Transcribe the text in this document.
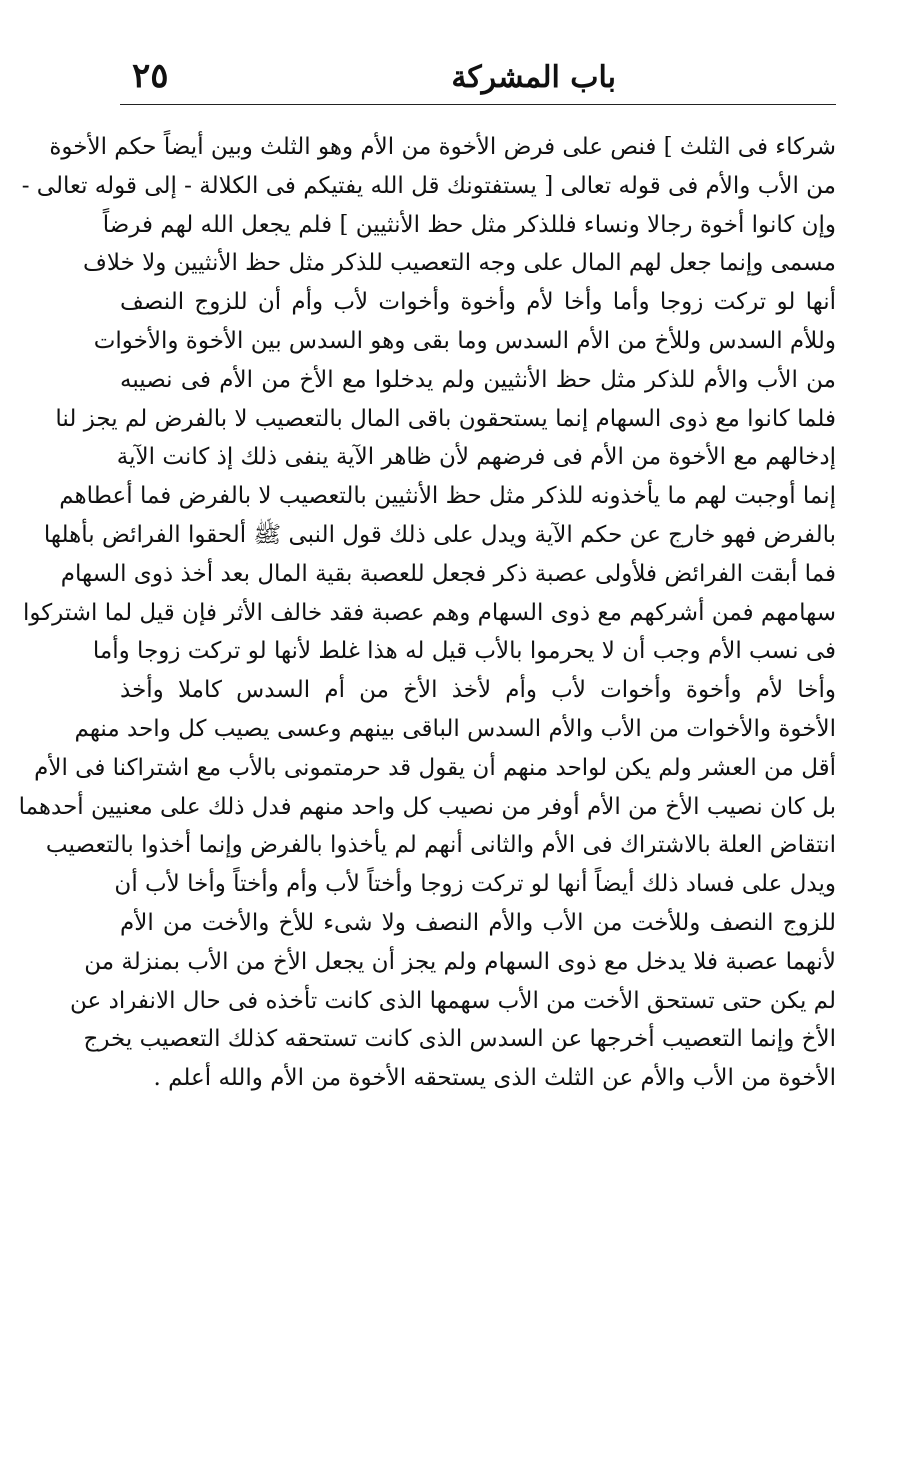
باب المشركة
٢٥
شركاء فى الثلث ] فنص على فرض الأخوة من الأم وهو الثلث وبين أيضاً حكم الأخوة
من الأب والأم فى قوله تعالى [ يستفتونك قل الله يفتيكم فى الكلالة - إلى قوله تعالى -
وإن كانوا أخوة رجالا ونساء فللذكر مثل حظ الأنثيين ] فلم يجعل الله لهم فرضاً
مسمى وإنما جعل لهم المال على وجه التعصيب للذكر مثل حظ الأنثيين ولا خلاف
أنها لو تركت زوجا وأما وأخا لأم وأخوة وأخوات لأب وأم أن للزوج النصف
وللأم السدس وللأخ من الأم السدس وما بقى وهو السدس بين الأخوة والأخوات
من الأب والأم للذكر مثل حظ الأنثيين ولم يدخلوا مع الأخ من الأم فى نصيبه
فلما كانوا مع ذوى السهام إنما يستحقون باقى المال بالتعصيب لا بالفرض لم يجز لنا
إدخالهم مع الأخوة من الأم فى فرضهم لأن ظاهر الآية ينفى ذلك إذ كانت الآية
إنما أوجبت لهم ما يأخذونه للذكر مثل حظ الأنثيين بالتعصيب لا بالفرض فما أعطاهم
بالفرض فهو خارج عن حكم الآية ويدل على ذلك قول النبى ﷺ ألحقوا الفرائض بأهلها
فما أبقت الفرائض فلأولى عصبة ذكر فجعل للعصبة بقية المال بعد أخذ ذوى السهام
سهامهم فمن أشركهم مع ذوى السهام وهم عصبة فقد خالف الأثر فإن قيل لما اشتركوا
فى نسب الأم وجب أن لا يحرموا بالأب قيل له هذا غلط لأنها لو تركت زوجا وأما
وأخا لأم وأخوة وأخوات لأب وأم لأخذ الأخ من أم السدس كاملا وأخذ
الأخوة والأخوات من الأب والأم السدس الباقى بينهم وعسى يصيب كل واحد منهم
أقل من العشر ولم يكن لواحد منهم أن يقول قد حرمتمونى بالأب مع اشتراكنا فى الأم
بل كان نصيب الأخ من الأم أوفر من نصيب كل واحد منهم فدل ذلك على معنيين أحدهما
انتقاض العلة بالاشتراك فى الأم والثانى أنهم لم يأخذوا بالفرض وإنما أخذوا بالتعصيب
ويدل على فساد ذلك أيضاً أنها لو تركت زوجا وأختاً لأب وأم وأختاً وأخا لأب أن
للزوج النصف وللأخت من الأب والأم النصف ولا شىء للأخ والأخت من الأم
لأنهما عصبة فلا يدخل مع ذوى السهام ولم يجز أن يجعل الأخ من الأب بمنزلة من
لم يكن حتى تستحق الأخت من الأب سهمها الذى كانت تأخذه فى حال الانفراد عن
الأخ وإنما التعصيب أخرجها عن السدس الذى كانت تستحقه كذلك التعصيب يخرج
الأخوة من الأب والأم عن الثلث الذى يستحقه الأخوة من الأم والله أعلم .
